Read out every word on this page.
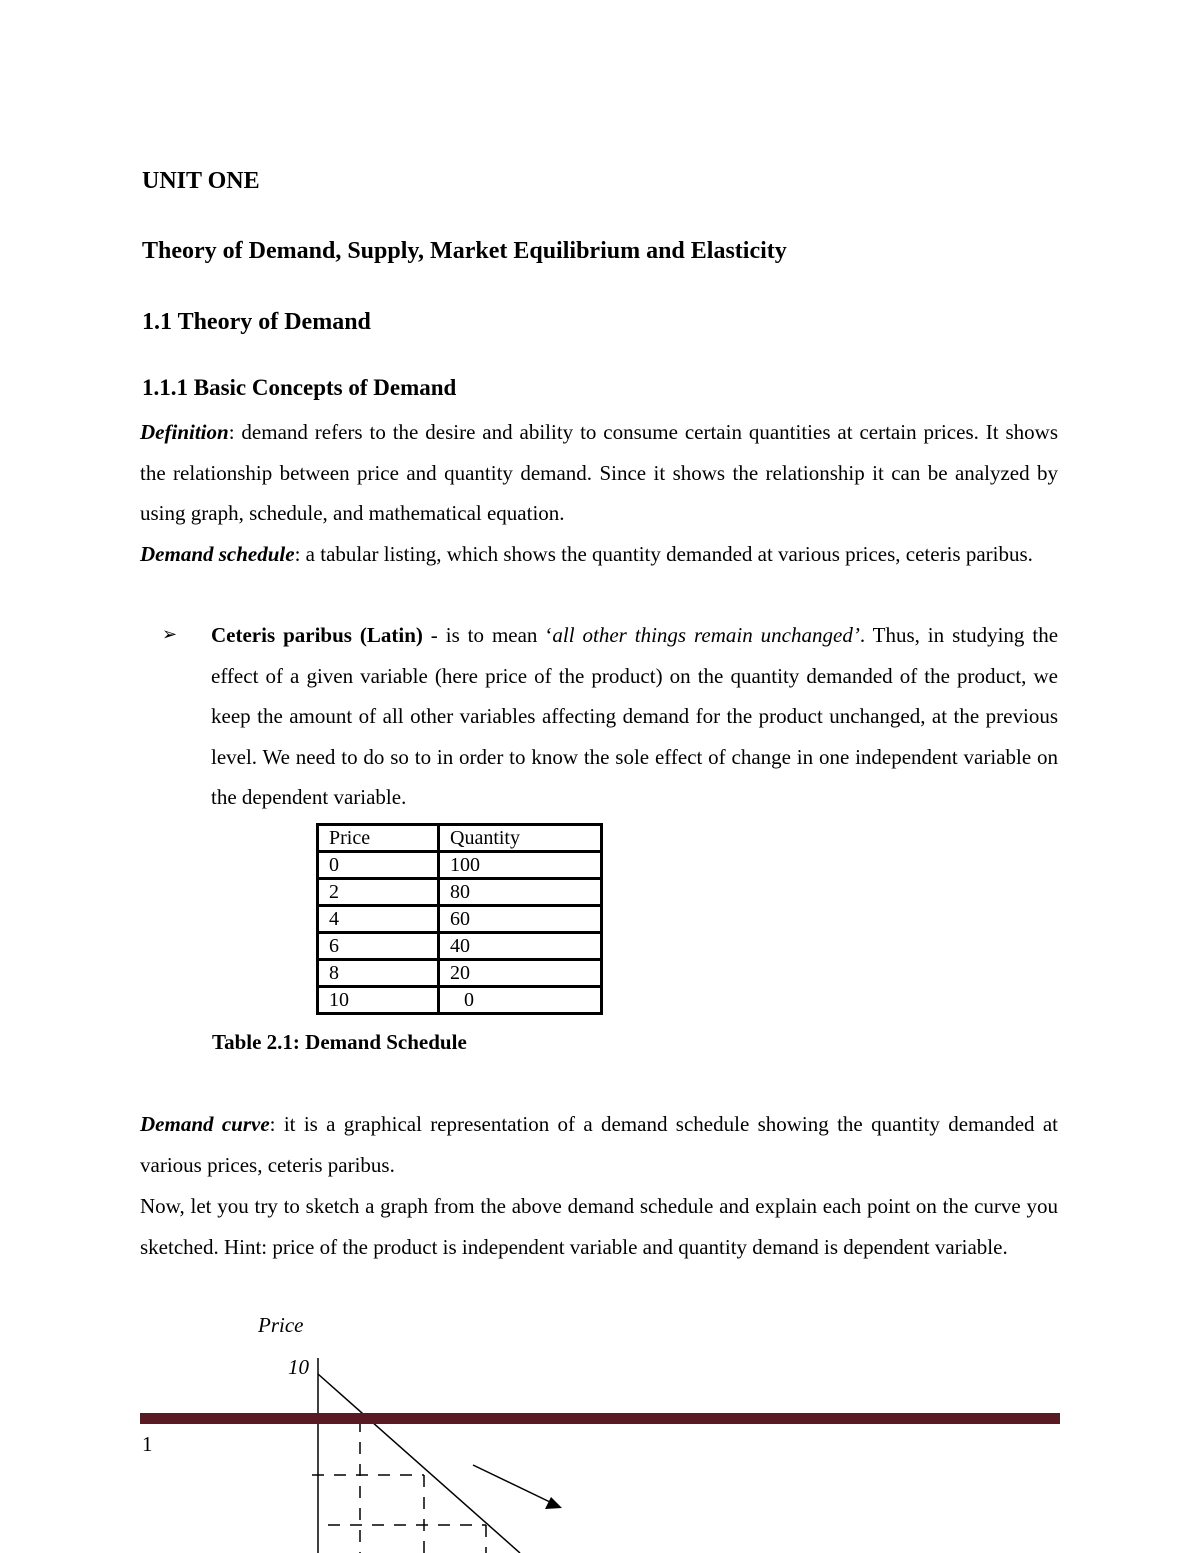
UNIT ONE
Theory of Demand, Supply, Market Equilibrium and Elasticity
1.1 Theory of Demand
1.1.1 Basic Concepts of Demand
Definition: demand refers to the desire and ability to consume certain quantities at certain prices. It shows the relationship between price and quantity demand. Since it shows the relationship it can be analyzed by using graph, schedule, and mathematical equation.
Demand schedule: a tabular listing, which shows the quantity demanded at various prices, ceteris paribus.
➢ Ceteris paribus (Latin) - is to mean ‘all other things remain unchanged’. Thus, in studying the effect of a given variable (here price of the product) on the quantity demanded of the product, we keep the amount of all other variables affecting demand for the product unchanged, at the previous level. We need to do so to in order to know the sole effect of change in one independent variable on the dependent variable.
Price	Quantity
0	100
2	80
4	60
6	40
8	20
10	0
Table 2.1: Demand Schedule
Demand curve: it is a graphical representation of a demand schedule showing the quantity demanded at various prices, ceteris paribus.
Now, let you try to sketch a graph from the above demand schedule and explain each point on the curve you sketched. Hint: price of the product is independent variable and quantity demand is dependent variable.
Price
10
1
